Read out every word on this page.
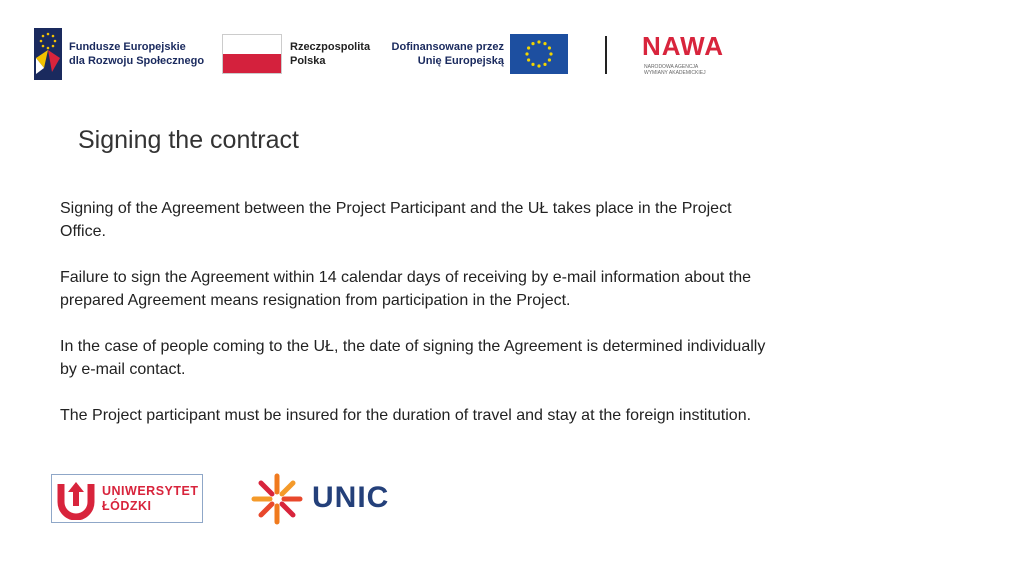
Fundusze Europejskie
dla Rozwoju Społecznego
Rzeczpospolita
Polska
Dofinansowane przez
Unię Europejską	NAWA
NARODOWA AGENCJA
WYMIANY AKADEMICKIEJ
Signing the contract

Signing of the Agreement between the Project Participant and the UŁ takes place in the Project Office.

Failure to sign the Agreement within 14 calendar days of receiving by e-mail information about the prepared Agreement means resignation from participation in the Project.

In the case of people coming to the UŁ, the date of signing the Agreement is determined individually by e-mail contact.

The Project participant must be insured for the duration of travel and stay at the foreign institution.

UNIWERSYTET
ŁÓDZKI	UNIC
